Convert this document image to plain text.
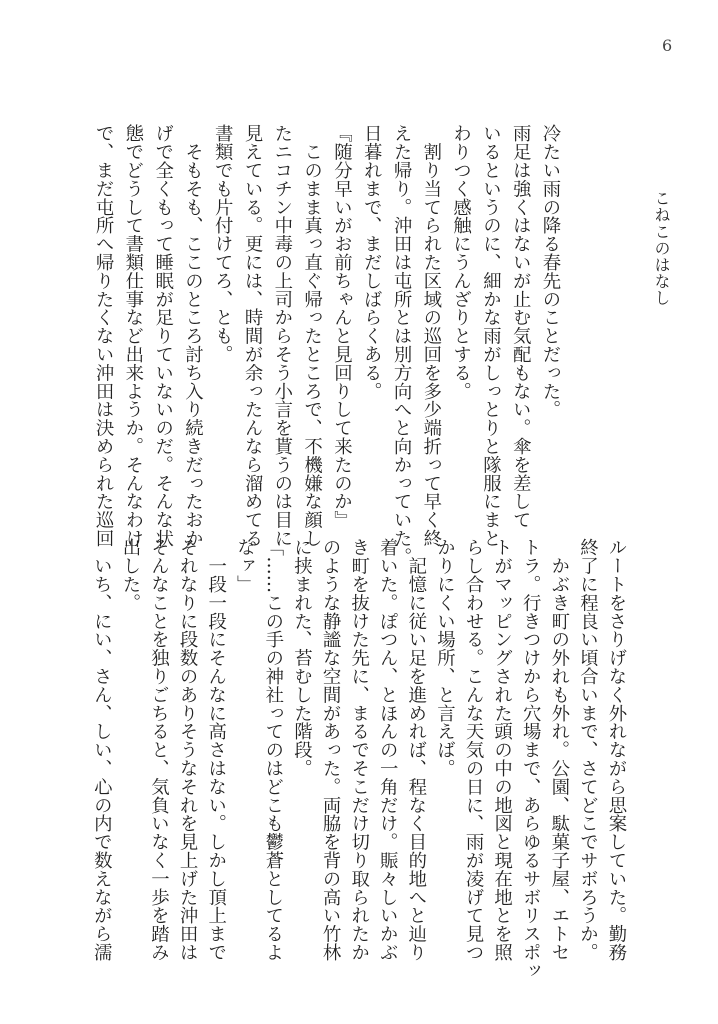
6
こねこのはなし
冷たい雨の降る春先のことだった。
雨足は強くはないが止む気配もない。傘を差して
いるというのに、細かな雨がしっとりと隊服にまと
わりつく感触にうんざりとする。
　割り当てられた区域の巡回を多少端折って早く終
えた帰り。沖田は屯所とは別方向へと向かっていた。
日暮れまで、まだしばらくある。
『随分早いがお前ちゃんと見回りして来たのか』
　このまま真っ直ぐ帰ったところで、不機嫌な顔し
たニコチン中毒の上司からそう小言を貰うのは目に
見えている。更には、時間が余ったんなら溜めてる
書類でも片付けてろ、とも。
　そもそも、ここのところ討ち入り続きだったおか
げで全くもって睡眠が足りていないのだ。そんな状
態でどうして書類仕事など出来ようか。そんなわけ
で、まだ屯所へ帰りたくない沖田は決められた巡回
ルートをさりげなく外れながら思案していた。勤務
終了に程良い頃合いまで、さてどこでサボろうか。
　かぶき町の外れも外れ。公園、駄菓子屋、エトセ
トラ。行きつけから穴場まで、あらゆるサボリスポッ
トがマッピングされた頭の中の地図と現在地とを照
らし合わせる。こんな天気の日に、雨が凌げて見つ
かりにくい場所、と言えば。
　記憶に従い足を進めれば、程なく目的地へと辿り
着いた。ぽつん、とほんの一角だけ。賑々しいかぶ
き町を抜けた先に、まるでそこだけ切り取られたか
のような静謐な空間があった。両脇を背の高い竹林
に挟まれた、苔むした階段。
「……この手の神社ってのはどこも鬱蒼としてるよ
なァ」
　一段一段にそんなに高さはない。しかし頂上まで
それなりに段数のありそうなそれを見上げた沖田は
そんなことを独りごちると、気負いなく一歩を踏み
出した。
　いち、にい、さん、しい、心の内で数えながら濡
